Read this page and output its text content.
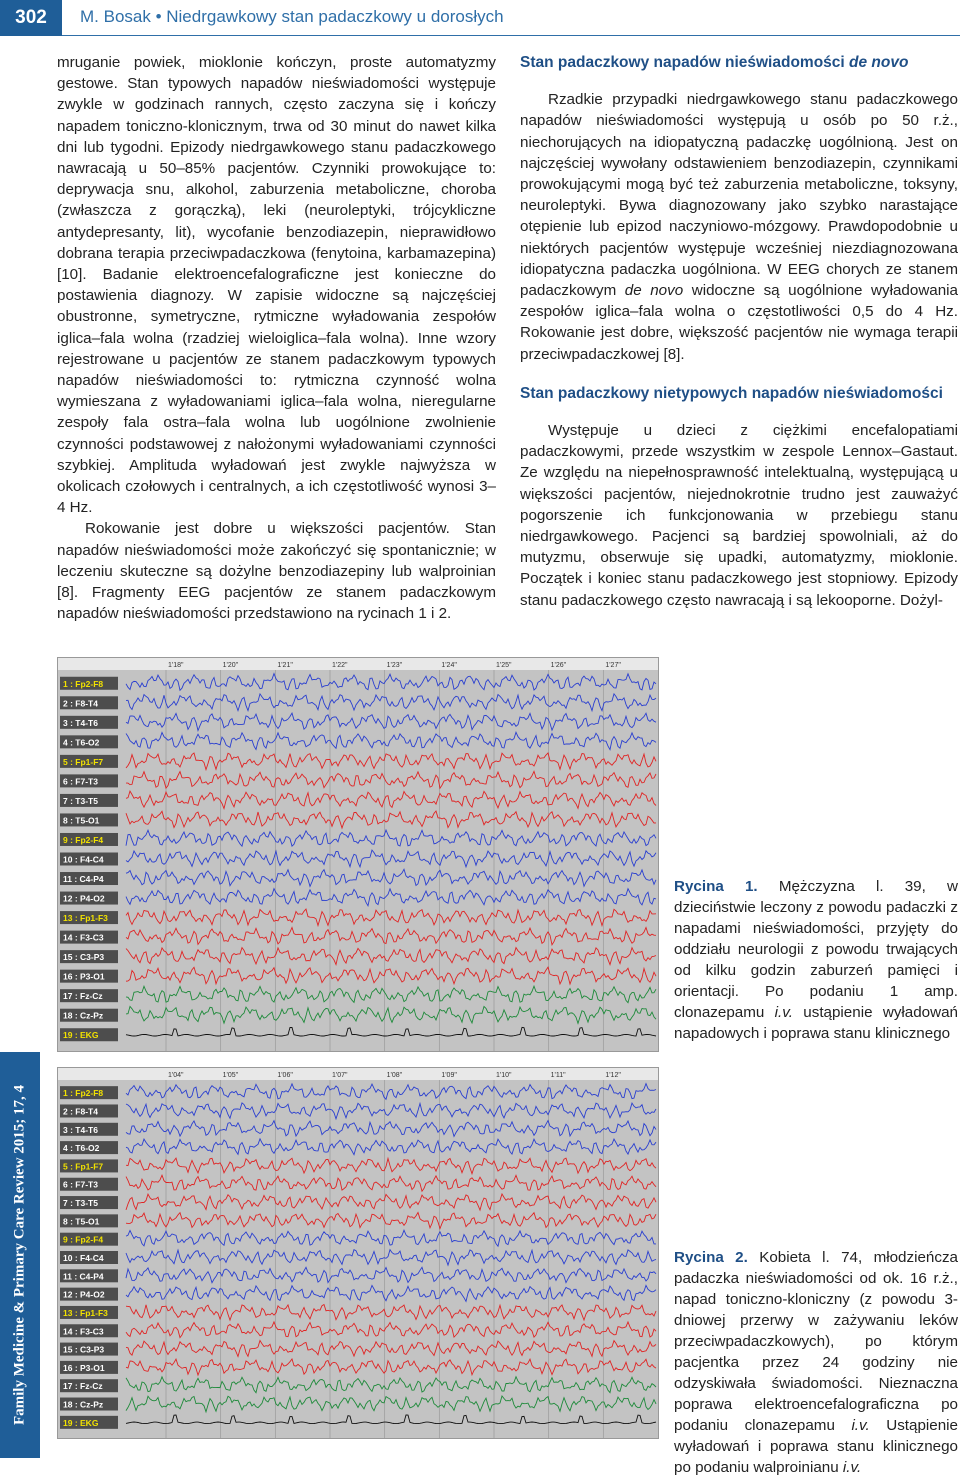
302	M. Bosak • Niedrgawkowy stan padaczkowy u dorosłych

mruganie powiek, mioklonie kończyn, proste automatyzmy gestowe. Stan typowych napadów nieświadomości występuje zwykle w godzinach rannych, często zaczyna się i kończy napadem toniczno-klonicznym, trwa od 30 minut do nawet kilka dni lub tygodni. Epizody niedrgawkowego stanu padaczkowego nawracają u 50–85% pacjentów. Czynniki prowokujące to: deprywacja snu, alkohol, zaburzenia metaboliczne, choroba (zwłaszcza z gorączką), leki (neuroleptyki, trójcykliczne antydepresanty, lit), wycofanie benzodiazepin, nieprawidłowo dobrana terapia przeciwpadaczkowa (fenytoina, karbamazepina) [10]. Badanie elektroencefalograficzne jest konieczne do postawienia diagnozy. W zapisie widoczne są najczęściej obustronne, symetryczne, rytmiczne wyładowania zespołów iglica–fala wolna (rzadziej wieloiglica–fala wolna). Inne wzory rejestrowane u pacjentów ze stanem padaczkowym typowych napadów nieświadomości to: rytmiczna czynność wolna wymieszana z wyładowaniami iglica–fala wolna, nieregularne zespoły fala ostra–fala wolna lub uogólnione zwolnienie czynności podstawowej z nałożonymi wyładowaniami czynności szybkiej. Amplituda wyładowań jest zwykle najwyższa w okolicach czołowych i centralnych, a ich częstotliwość wynosi 3–4 Hz.

Rokowanie jest dobre u większości pacjentów. Stan napadów nieświadomości może zakończyć się spontanicznie; w leczeniu skuteczne są dożylne benzodiazepiny lub walproinian [8]. Fragmenty EEG pacjentów ze stanem padaczkowym napadów nieświadomości przedstawiono na rycinach 1 i 2.

Stan padaczkowy napadów nieświadomości de novo

Rzadkie przypadki niedrgawkowego stanu padaczkowego napadów nieświadomości występują u osób po 50 r.ż., niechorujących na idiopatyczną padaczkę uogólnioną. Jest on najczęściej wywołany odstawieniem benzodiazepin, czynnikami prowokującymi mogą być też zaburzenia metaboliczne, toksyny, neuroleptyki. Bywa diagnozowany jako szybko narastające otępienie lub epizod naczyniowo-mózgowy. Prawdopodobnie u niektórych pacjentów występuje wcześniej niezdiagnozowana idiopatyczna padaczka uogólniona. W EEG chorych ze stanem padaczkowym de novo widoczne są uogólnione wyładowania zespołów iglica–fala wolna o częstotliwości 0,5 do 4 Hz. Rokowanie jest dobre, większość pacjentów nie wymaga terapii przeciwpadaczkowej [8].

Stan padaczkowy nietypowych napadów nieświadomości

Występuje u dzieci z ciężkimi encefalopatiami padaczkowymi, przede wszystkim w zespole Lennox–Gastaut. Ze względu na niepełnosprawność intelektualną, występującą u większości pacjentów, niejednokrotnie trudno jest zauważyć pogorszenie ich funkcjonowania w przebiegu stanu niedrgawkowego. Pacjenci są bardziej spowolniali, aż do mutyzmu, obserwuje się upadki, automatyzmy, mioklonie. Początek i koniec stanu padaczkowego jest stopniowy. Epizody stanu padaczkowego często nawracają i są lekooporne. Dożyl-

1'18"	1'20"	1'21"	1'22"	1'23"	1'24"	1'25"	1'26"	1'27"
1 : Fp2-F8
2 : F8-T4
3 : T4-T6
4 : T6-O2
5 : Fp1-F7
6 : F7-T3
7 : T3-T5
8 : T5-O1
9 : Fp2-F4
10 : F4-C4
11 : C4-P4
12 : P4-O2
13 : Fp1-F3
14 : F3-C3
15 : C3-P3
16 : P3-O1
17 : Fz-Cz
18 : Cz-Pz
19 : EKG
Rycina 1. Mężczyzna l. 39, w dzieciństwie leczony z powodu padaczki z napadami nieświadomości, przyjęty do oddziału neurologii z powodu trwających od kilku godzin zaburzeń pamięci i orientacji. Po podaniu 1 amp. clonazepamu i.v. ustąpienie wyładowań napadowych i poprawa stanu klinicznego
1'04"	1'05"	1'06"	1'07"	1'08"	1'09"	1'10"	1'11"	1'12"
1 : Fp2-F8
2 : F8-T4
3 : T4-T6
4 : T6-O2
5 : Fp1-F7
6 : F7-T3
7 : T3-T5
8 : T5-O1
9 : Fp2-F4
10 : F4-C4
11 : C4-P4
12 : P4-O2
13 : Fp1-F3
14 : F3-C3
15 : C3-P3
16 : P3-O1
17 : Fz-Cz
18 : Cz-Pz
19 : EKG
Rycina 2. Kobieta l. 74, młodzieńcza padaczka nieświadomości od ok. 16 r.ż., napad toniczno-kloniczny (z powodu 3-dniowej przerwy w zażywaniu leków przeciwpadaczkowych), po którym pacjentka przez 24 godziny nie odzyskiwała świadomości. Nieznaczna poprawa elektroencefalograficzna po podaniu clonazepamu i.v. Ustąpienie wyładowań i poprawa stanu klinicznego po podaniu walproinianu i.v.
Family Medicine & Primary Care Review 2015; 17, 4
